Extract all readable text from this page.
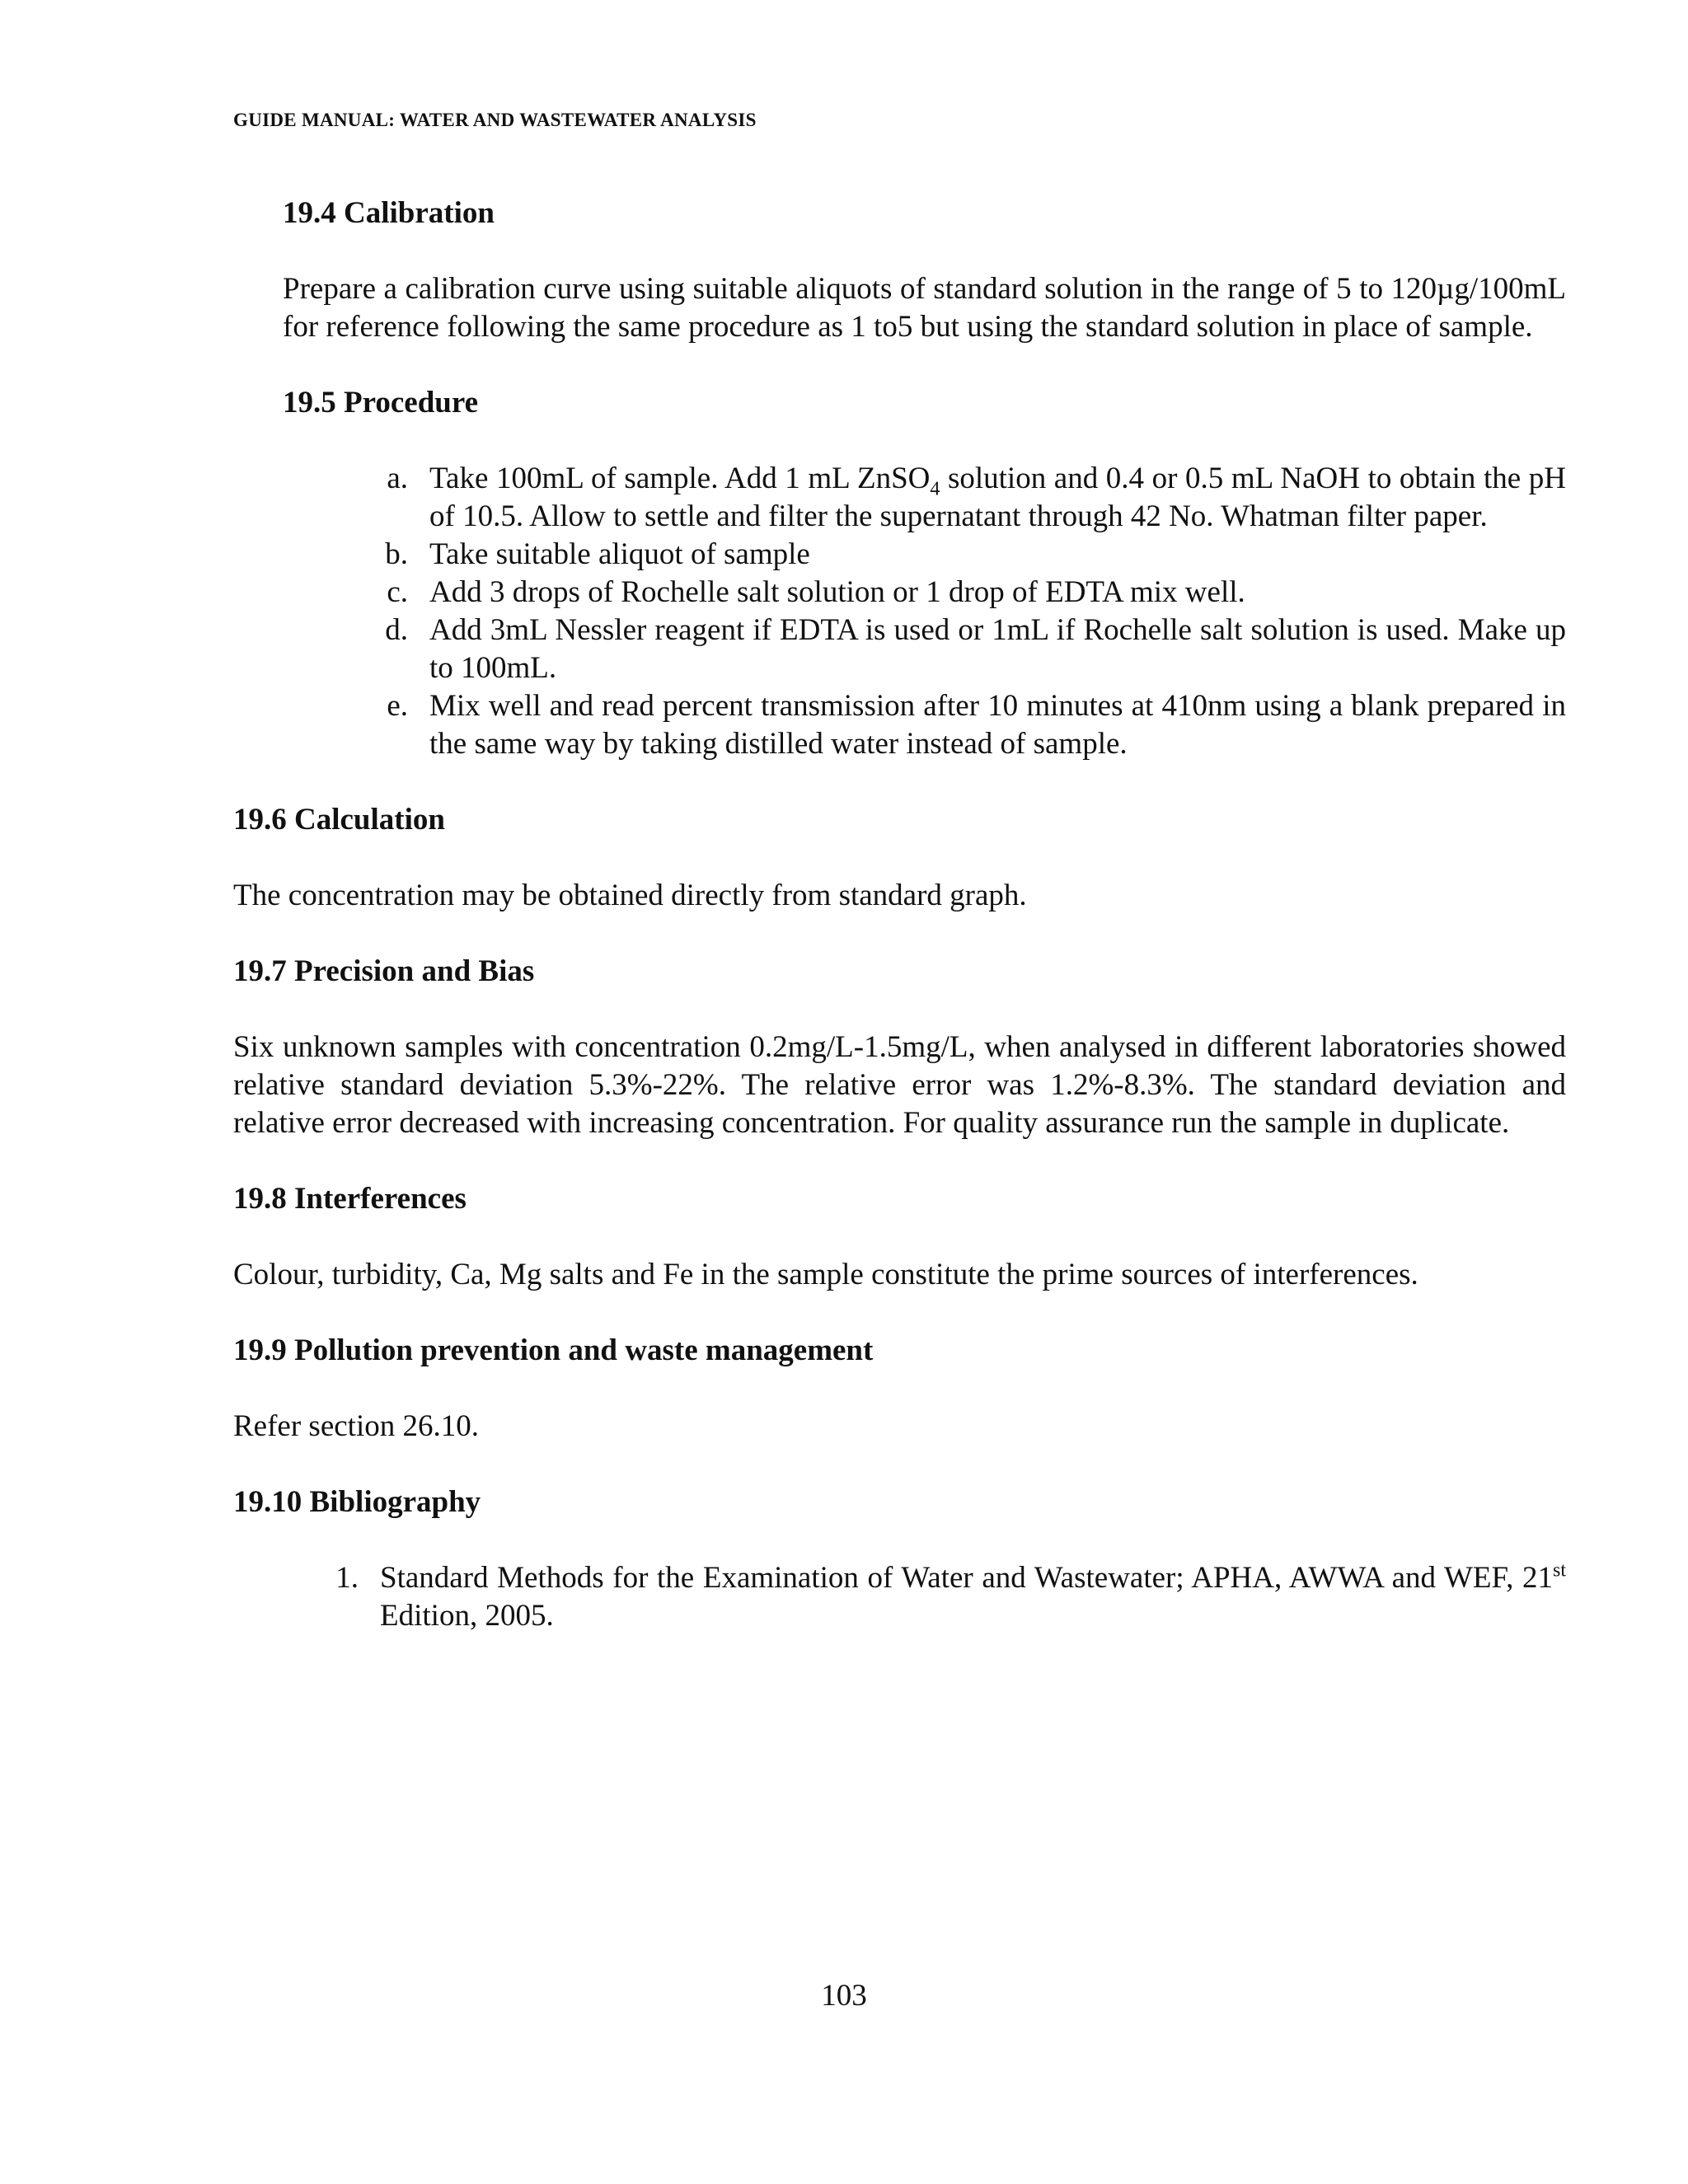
GUIDE MANUAL: WATER AND WASTEWATER ANALYSIS
19.4 Calibration

Prepare a calibration curve using suitable aliquots of standard solution in the range of 5 to 120µg/100mL for reference following the same procedure as 1 to5 but using the standard solution in place of sample.

19.5 Procedure
a. Take 100mL of sample. Add 1 mL ZnSO$_4$ solution and 0.4 or 0.5 mL NaOH to obtain the pH of 10.5. Allow to settle and filter the supernatant through 42 No. Whatman filter paper.
b. Take suitable aliquot of sample
c. Add 3 drops of Rochelle salt solution or 1 drop of EDTA mix well.
d. Add 3mL Nessler reagent if EDTA is used or 1mL if Rochelle salt solution is used. Make up to 100mL.
e. Mix well and read percent transmission after 10 minutes at 410nm using a blank prepared in the same way by taking distilled water instead of sample.
19.6 Calculation

The concentration may be obtained directly from standard graph.

19.7 Precision and Bias

Six unknown samples with concentration 0.2mg/L-1.5mg/L, when analysed in different laboratories showed relative standard deviation 5.3%-22%. The relative error was 1.2%-8.3%. The standard deviation and relative error decreased with increasing concentration. For quality assurance run the sample in duplicate.

19.8 Interferences

Colour, turbidity, Ca, Mg salts and Fe in the sample constitute the prime sources of interferences.

19.9 Pollution prevention and waste management

Refer section 26.10.

19.10 Bibliography
1. Standard Methods for the Examination of Water and Wastewater; APHA, AWWA and WEF, 21st Edition, 2005.
103
